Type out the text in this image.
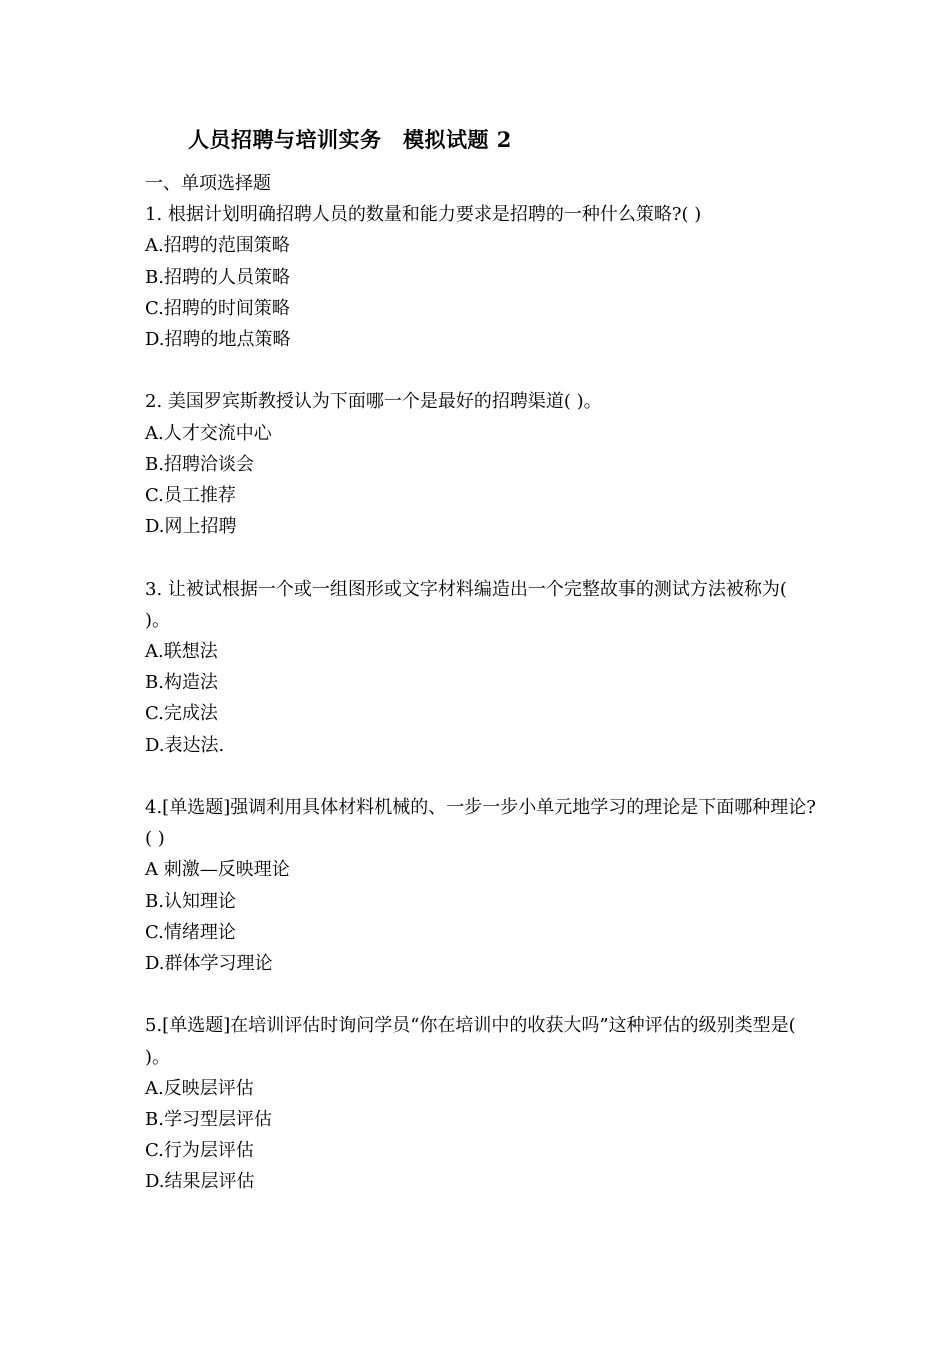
人员招聘与培训实务　模拟试题 2

一、单项选择题

1. 根据计划明确招聘人员的数量和能力要求是招聘的一种什么策略?( )

A.招聘的范围策略

B.招聘的人员策略

C.招聘的时间策略

D.招聘的地点策略

2. 美国罗宾斯教授认为下面哪一个是最好的招聘渠道( )。

A.人才交流中心

B.招聘洽谈会

C.员工推荐

D.网上招聘

3. 让被试根据一个或一组图形或文字材料编造出一个完整故事的测试方法被称为( )。

A.联想法

B.构造法

C.完成法

D.表达法.

4.[单选题]强调利用具体材料机械的、一步一步小单元地学习的理论是下面哪种理论?( )

A 刺激—反映理论

B.认知理论

C.情绪理论

D.群体学习理论

5.[单选题]在培训评估时询问学员“你在培训中的收获大吗”这种评估的级别类型是( )。

A.反映层评估

B.学习型层评估

C.行为层评估

D.结果层评估
